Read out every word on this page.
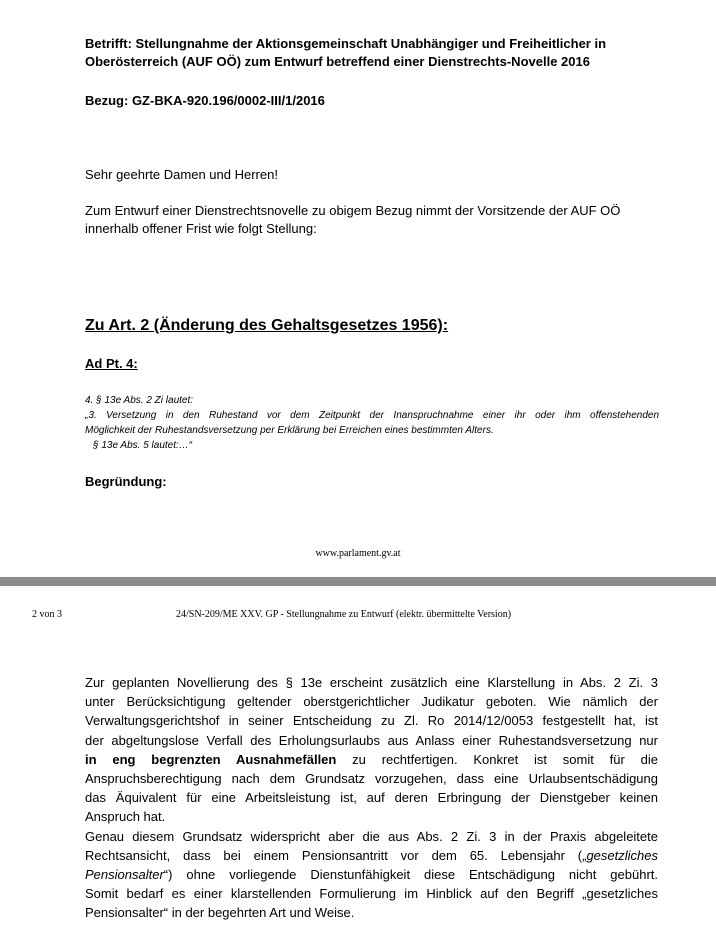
Betrifft: Stellungnahme der Aktionsgemeinschaft Unabhängiger und Freiheitlicher in
Oberösterreich (AUF OÖ) zum Entwurf betreffend einer Dienstrechts-Novelle 2016
Bezug: GZ-BKA-920.196/0002-III/1/2016
Sehr geehrte Damen und Herren!
Zum Entwurf einer Dienstrechtsnovelle zu obigem Bezug nimmt der Vorsitzende der AUF OÖ
innerhalb offener Frist wie folgt Stellung:
Zu Art. 2 (Änderung des Gehaltsgesetzes 1956):
Ad Pt. 4:
4. § 13e Abs. 2 Zi lautet:
„3. Versetzung in den Ruhestand vor dem Zeitpunkt der Inanspruchnahme einer ihr oder ihm offenstehenden
Möglichkeit der Ruhestandsversetzung per Erklärung bei Erreichen eines bestimmten Alters.
§ 13e Abs. 5 lautet:…“
Begründung:
www.parlament.gv.at
2 von 3	24/SN-209/ME XXV. GP - Stellungnahme zu Entwurf (elektr. übermittelte Version)
Zur geplanten Novellierung des § 13e erscheint zusätzlich eine Klarstellung in Abs. 2 Zi. 3
unter Berücksichtigung geltender oberstgerichtlicher Judikatur geboten. Wie nämlich der
Verwaltungsgerichtshof in seiner Entscheidung zu Zl. Ro 2014/12/0053 festgestellt hat, ist
der abgeltungslose Verfall des Erholungsurlaubs aus Anlass einer Ruhestandsversetzung nur
in eng begrenzten Ausnahmefällen zu rechtfertigen. Konkret ist somit für die
Anspruchsberechtigung nach dem Grundsatz vorzugehen, dass eine Urlaubsentschädigung
das Äquivalent für eine Arbeitsleistung ist, auf deren Erbringung der Dienstgeber keinen
Anspruch hat.
Genau diesem Grundsatz widerspricht aber die aus Abs. 2 Zi. 3 in der Praxis abgeleitete
Rechtsansicht, dass bei einem Pensionsantritt vor dem 65. Lebensjahr („gesetzliches
Pensionsalter“) ohne vorliegende Dienstunfähigkeit diese Entschädigung nicht gebührt.
Somit bedarf es einer klarstellenden Formulierung im Hinblick auf den Begriff „gesetzliches
Pensionsalter“ in der begehrten Art und Weise.
